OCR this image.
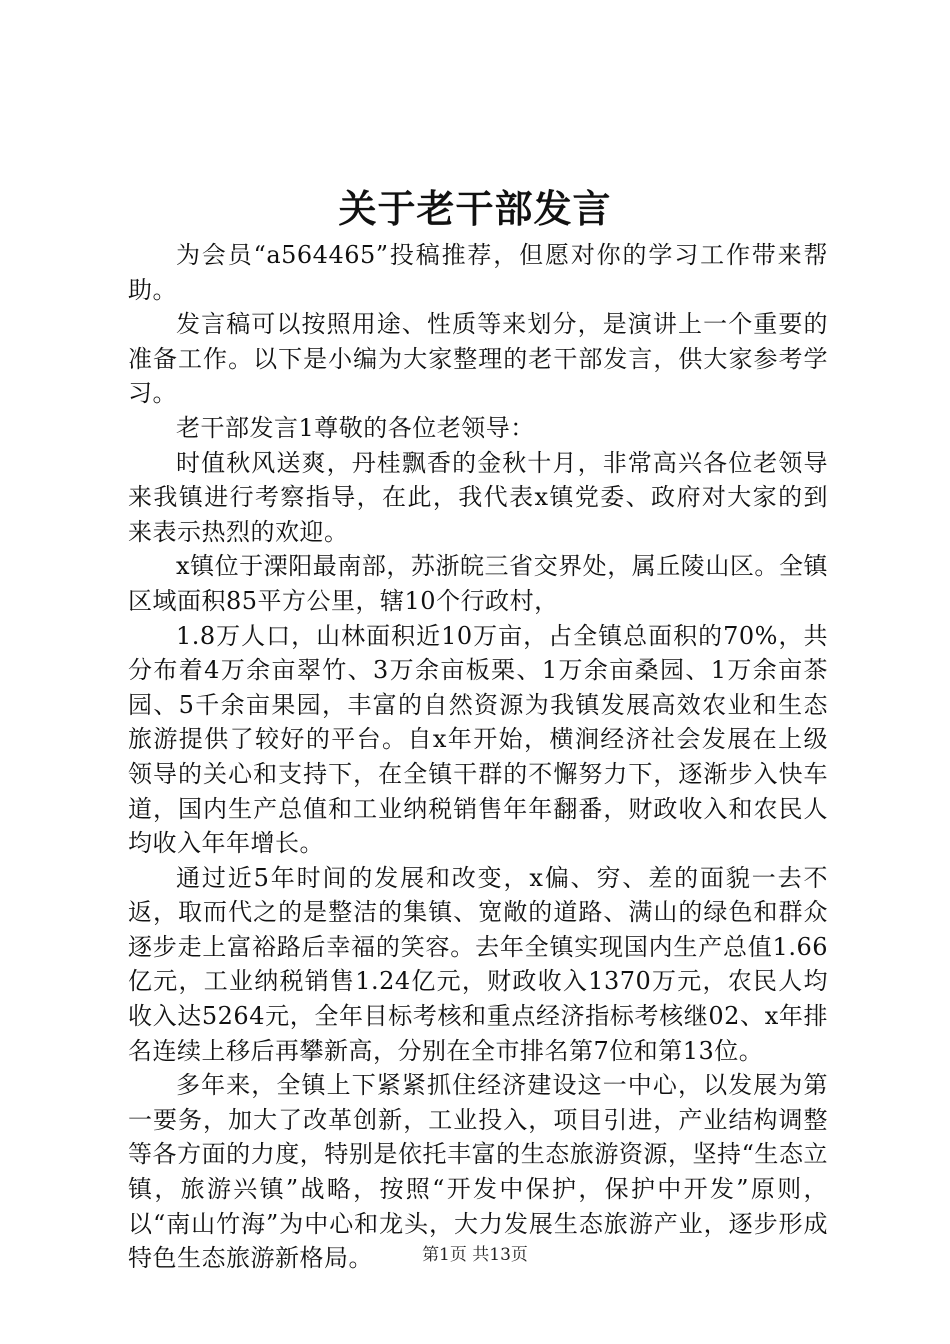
关于老干部发言

为会员“a564465”投稿推荐，但愿对你的学习工作带来帮助。

发言稿可以按照用途、性质等来划分，是演讲上一个重要的准备工作。以下是小编为大家整理的老干部发言，供大家参考学习。

老干部发言1尊敬的各位老领导：

时值秋风送爽，丹桂飘香的金秋十月，非常高兴各位老领导来我镇进行考察指导，在此，我代表x镇党委、政府对大家的到来表示热烈的欢迎。

x镇位于溧阳最南部，苏浙皖三省交界处，属丘陵山区。全镇区域面积85平方公里，辖10个行政村，

1.8万人口，山林面积近10万亩，占全镇总面积的70%，共分布着4万余亩翠竹、3万余亩板栗、1万余亩桑园、1万余亩茶园、5千余亩果园，丰富的自然资源为我镇发展高效农业和生态旅游提供了较好的平台。自x年开始，横涧经济社会发展在上级领导的关心和支持下，在全镇干群的不懈努力下，逐渐步入快车道，国内生产总值和工业纳税销售年年翻番，财政收入和农民人均收入年年增长。

通过近5年时间的发展和改变，x偏、穷、差的面貌一去不返，取而代之的是整洁的集镇、宽敞的道路、满山的绿色和群众逐步走上富裕路后幸福的笑容。去年全镇实现国内生产总值1.66亿元，工业纳税销售1.24亿元，财政收入1370万元，农民人均收入达5264元，全年目标考核和重点经济指标考核继02、x年排名连续上移后再攀新高，分别在全市排名第7位和第13位。

多年来，全镇上下紧紧抓住经济建设这一中心，以发展为第一要务，加大了改革创新，工业投入，项目引进，产业结构调整等各方面的力度，特别是依托丰富的生态旅游资源，坚持“生态立镇，旅游兴镇”战略，按照“开发中保护，保护中开发”原则，以“南山竹海”为中心和龙头，大力发展生态旅游产业，逐步形成特色生态旅游新格局。	第1页 共13页
